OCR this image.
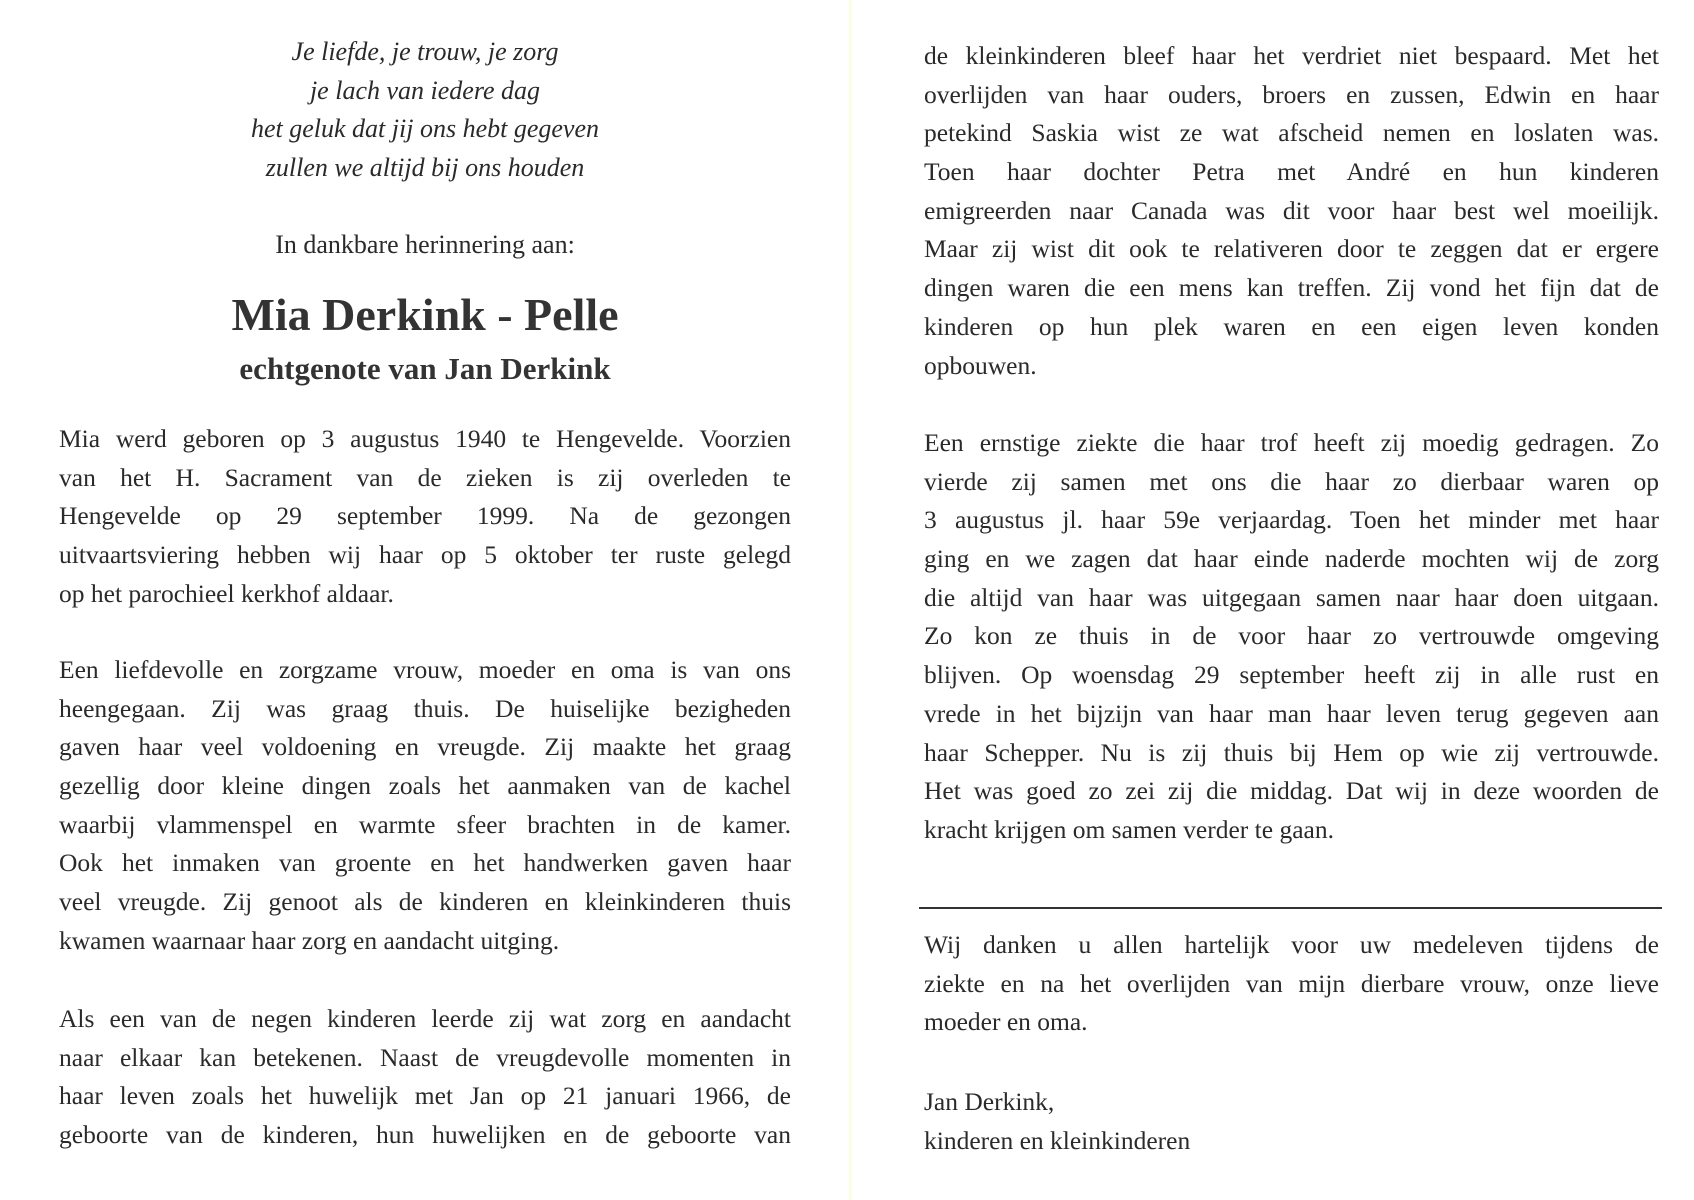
Je liefde, je trouw, je zorg
je lach van iedere dag
het geluk dat jij ons hebt gegeven
zullen we altijd bij ons houden
In dankbare herinnering aan:
Mia Derkink - Pelle
echtgenote van Jan Derkink
Mia werd geboren op 3 augustus 1940 te Hengevelde. Voorzien
van het H. Sacrament van de zieken is zij overleden te
Hengevelde op 29 september 1999. Na de gezongen
uitvaartsviering hebben wij haar op 5 oktober ter ruste gelegd
op het parochieel kerkhof aldaar.
Een liefdevolle en zorgzame vrouw, moeder en oma is van ons
heengegaan. Zij was graag thuis. De huiselijke bezigheden
gaven haar veel voldoening en vreugde. Zij maakte het graag
gezellig door kleine dingen zoals het aanmaken van de kachel
waarbij vlammenspel en warmte sfeer brachten in de kamer.
Ook het inmaken van groente en het handwerken gaven haar
veel vreugde. Zij genoot als de kinderen en kleinkinderen thuis
kwamen waarnaar haar zorg en aandacht uitging.
Als een van de negen kinderen leerde zij wat zorg en aandacht
naar elkaar kan betekenen. Naast de vreugdevolle momenten in
haar leven zoals het huwelijk met Jan op 21 januari 1966, de
geboorte van de kinderen, hun huwelijken en de geboorte van
de kleinkinderen bleef haar het verdriet niet bespaard. Met het
overlijden van haar ouders, broers en zussen, Edwin en haar
petekind Saskia wist ze wat afscheid nemen en loslaten was.
Toen haar dochter Petra met André en hun kinderen
emigreerden naar Canada was dit voor haar best wel moeilijk.
Maar zij wist dit ook te relativeren door te zeggen dat er ergere
dingen waren die een mens kan treffen. Zij vond het fijn dat de
kinderen op hun plek waren en een eigen leven konden
opbouwen.
Een ernstige ziekte die haar trof heeft zij moedig gedragen. Zo
vierde zij samen met ons die haar zo dierbaar waren op
3 augustus jl. haar 59e verjaardag. Toen het minder met haar
ging en we zagen dat haar einde naderde mochten wij de zorg
die altijd van haar was uitgegaan samen naar haar doen uitgaan.
Zo kon ze thuis in de voor haar zo vertrouwde omgeving
blijven. Op woensdag 29 september heeft zij in alle rust en
vrede in het bijzijn van haar man haar leven terug gegeven aan
haar Schepper. Nu is zij thuis bij Hem op wie zij vertrouwde.
Het was goed zo zei zij die middag. Dat wij in deze woorden de
kracht krijgen om samen verder te gaan.
Wij danken u allen hartelijk voor uw medeleven tijdens de
ziekte en na het overlijden van mijn dierbare vrouw, onze lieve
moeder en oma.
Jan Derkink,
kinderen en kleinkinderen
